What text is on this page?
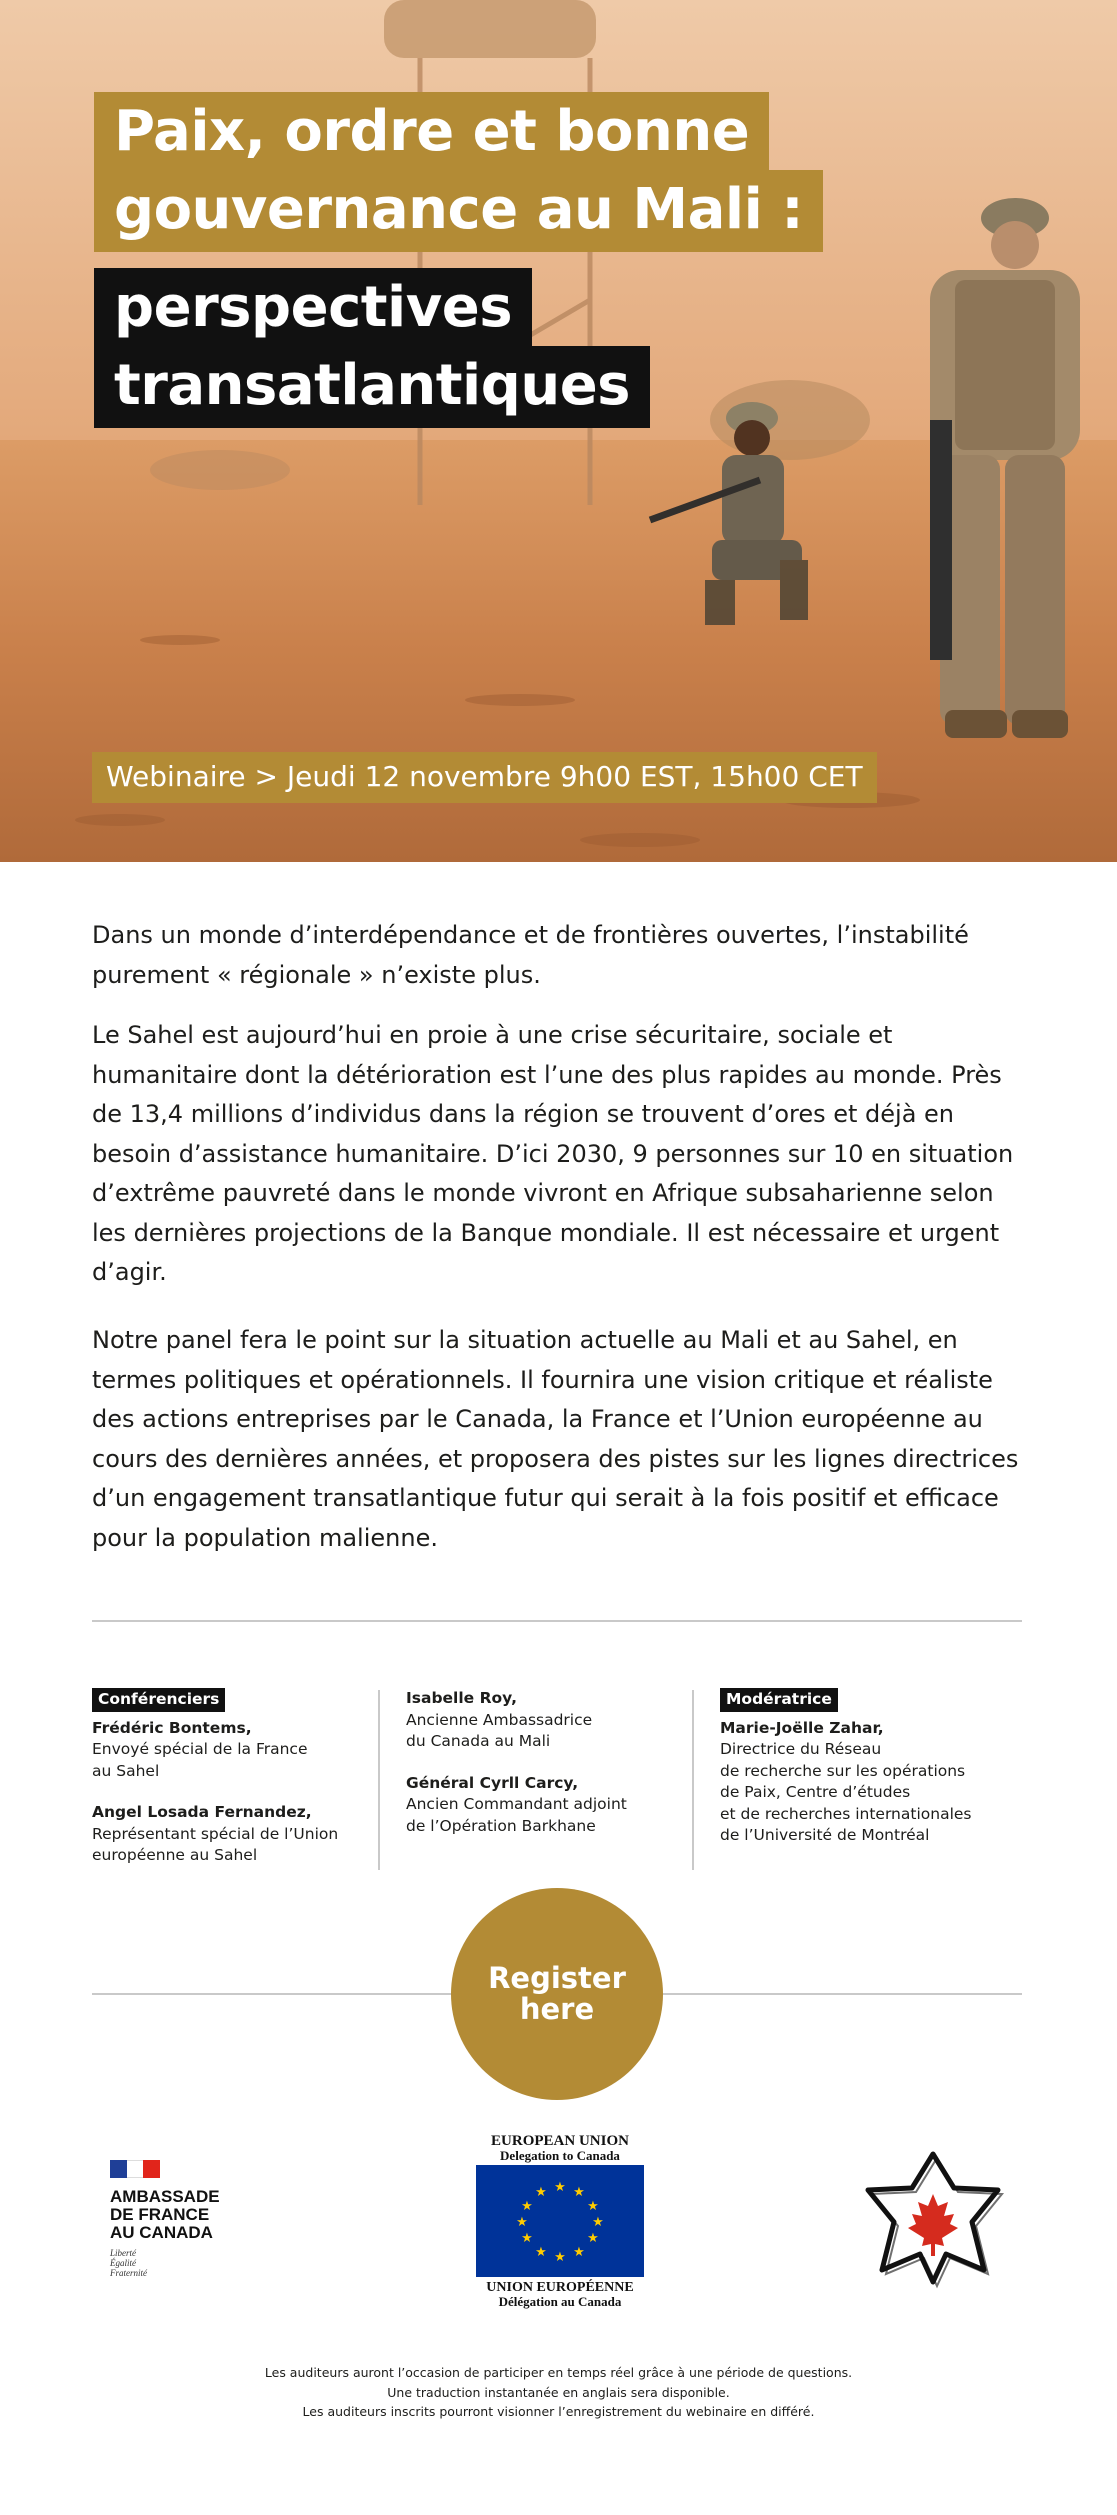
Paix, ordre et bonne
gouvernance au Mali :
perspectives
transatlantiques
Webinaire > Jeudi 12 novembre 9h00 EST, 15h00 CET

Dans un monde d’interdépendance et de frontières ouvertes, l’instabilité purement « régionale » n’existe plus.

Le Sahel est aujourd’hui en proie à une crise sécuritaire, sociale et humanitaire dont la détérioration est l’une des plus rapides au monde. Près de 13,4 millions d’individus dans la région se trouvent d’ores et déjà en besoin d’assistance humanitaire. D’ici 2030, 9 personnes sur 10 en situation d’extrême pauvreté dans le monde vivront en Afrique subsaharienne selon les dernières projections de la Banque mondiale. Il est nécessaire et urgent d’agir.

Notre panel fera le point sur la situation actuelle au Mali et au Sahel, en termes politiques et opérationnels. Il fournira une vision critique et réaliste des actions entreprises par le Canada, la France et l’Union européenne au cours des dernières années, et proposera des pistes sur les lignes directrices d’un engagement transatlantique futur qui serait à la fois positif et efficace pour la population malienne.

Conférenciers
Frédéric Bontems,
Envoyé spécial de la France
au Sahel
Angel Losada Fernandez,
Représentant spécial de l’Union
européenne au Sahel
Isabelle Roy,
Ancienne Ambassadrice
du Canada au Mali
Général Cyrll Carcy,
Ancien Commandant adjoint
de l’Opération Barkhane
Modératrice
Marie-Joëlle Zahar,
Directrice du Réseau
de recherche sur les opérations
de Paix, Centre d’études
et de recherches internationales
de l’Université de Montréal
Register
here
AMBASSADE
DE FRANCE
AU CANADA
Liberté
Égalité
Fraternité
EUROPEAN UNION
Delegation to Canada
★ ★
★
★
★
★
★
★
★
★
★
★
UNION EUROPÉENNE
Délégation au Canada
Les auditeurs auront l’occasion de participer en temps réel grâce à une période de questions.
Une traduction instantanée en anglais sera disponible.
Les auditeurs inscrits pourront visionner l’enregistrement du webinaire en différé.
